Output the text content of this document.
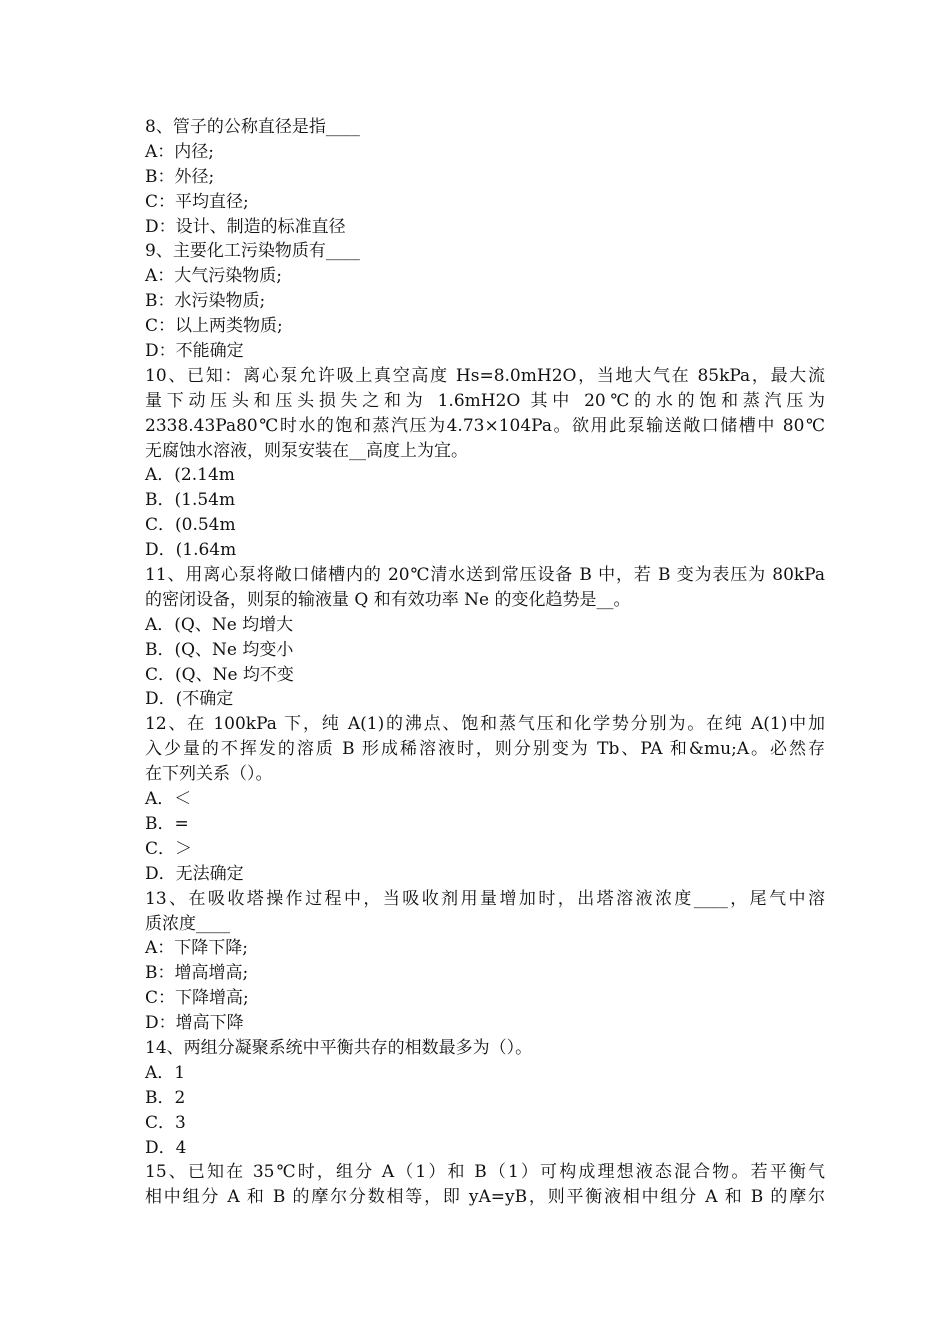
8、管子的公称直径是指____
A：内径;
B：外径;
C：平均直径;
D：设计、制造的标准直径
9、主要化工污染物质有____
A：大气污染物质;
B：水污染物质;
C：以上两类物质;
D：不能确定
10、已知：离心泵允许吸上真空高度 Hs=8.0mH2O，当地大气在 85kPa，最大流
量下动压头和压头损失之和为 1.6mH2O 其中 20℃的水的饱和蒸汽压为
2338.43Pa80℃时水的饱和蒸汽压为4.73×104Pa。欲用此泵输送敞口储槽中 80℃
无腐蚀水溶液，则泵安装在__高度上为宜。
A．(2.14m
B．(1.54m
C．(0.54m
D．(1.64m
11、用离心泵将敞口储槽内的 20℃清水送到常压设备 B 中，若 B 变为表压为 80kPa
的密闭设备，则泵的输液量 Q 和有效功率 Ne 的变化趋势是__。
A．(Q、Ne 均增大
B．(Q、Ne 均变小
C．(Q、Ne 均不变
D．(不确定
12、在 100kPa 下，纯 A(1)的沸点、饱和蒸气压和化学势分别为。在纯 A(1)中加
入少量的不挥发的溶质 B 形成稀溶液时，则分别变为 Tb、PA 和&mu;A。必然存
在下列关系（）。
A．＜
B．=
C．＞
D．无法确定
13、在吸收塔操作过程中，当吸收剂用量增加时，出塔溶液浓度____，尾气中溶
质浓度____
A：下降下降;
B：增高增高;
C：下降增高;
D：增高下降
14、两组分凝聚系统中平衡共存的相数最多为（）。
A．1
B．2
C．3
D．4
15、已知在 35℃时，组分 A（1）和 B（1）可构成理想液态混合物。若平衡气
相中组分 A 和 B 的摩尔分数相等，即 yA=yB，则平衡液相中组分 A 和 B 的摩尔
